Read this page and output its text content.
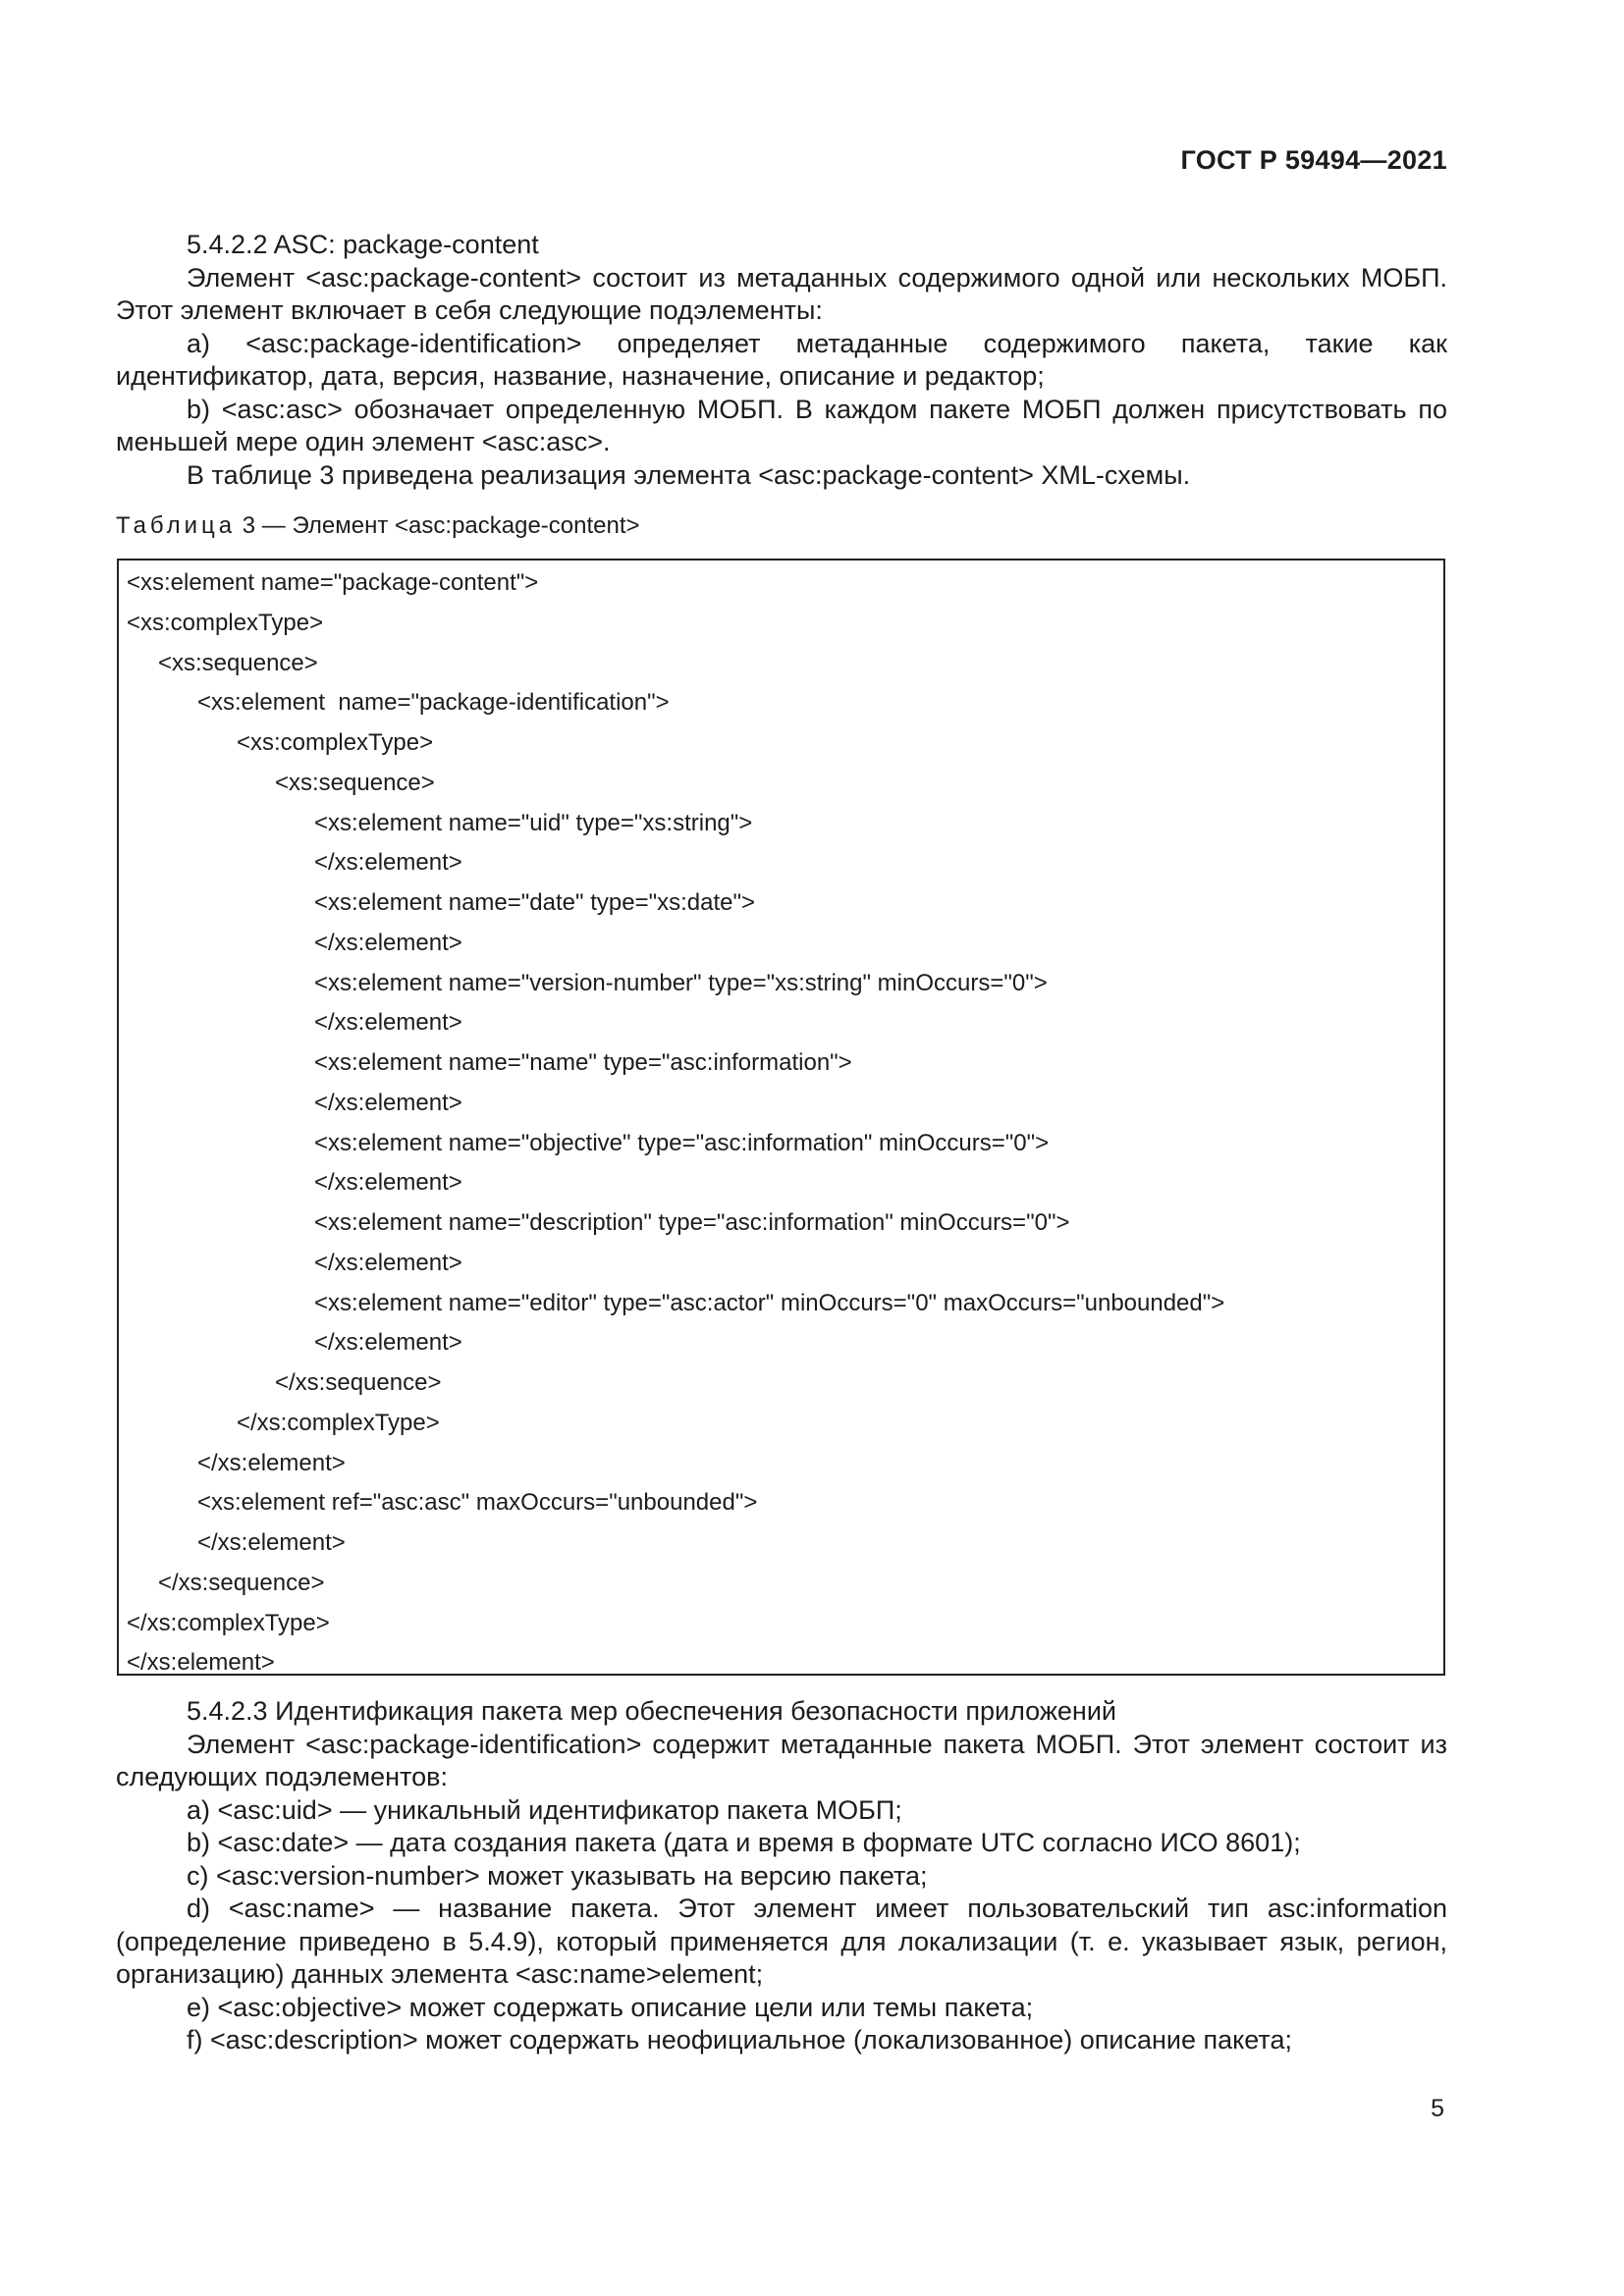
ГОСТ Р 59494—2021

5.4.2.2 ASC: package-content

Элемент <asc:package-content> состоит из метаданных содержимого одной или нескольких МОБП. Этот элемент включает в себя следующие подэлементы:

a) <asc:package-identification> определяет метаданные содержимого пакета, такие как идентификатор, дата, версия, название, назначение, описание и редактор;

b) <asc:asc> обозначает определенную МОБП. В каждом пакете МОБП должен присутствовать по меньшей мере один элемент <asc:asc>.

В таблице 3 приведена реализация элемента <asc:package-content> XML-схемы.

Таблица 3 — Элемент <asc:package-content>
<xs:element name="package-content">
<xs:complexType>
<xs:sequence>
<xs:element  name="package-identification">
<xs:complexType>
<xs:sequence>
<xs:element name="uid" type="xs:string">
</xs:element>
<xs:element name="date" type="xs:date">
</xs:element>
<xs:element name="version-number" type="xs:string" minOccurs="0">
</xs:element>
<xs:element name="name" type="asc:information">
</xs:element>
<xs:element name="objective" type="asc:information" minOccurs="0">
</xs:element>
<xs:element name="description" type="asc:information" minOccurs="0">
</xs:element>
<xs:element name="editor" type="asc:actor" minOccurs="0" maxOccurs="unbounded">
</xs:element>
</xs:sequence>
</xs:complexType>
</xs:element>
<xs:element ref="asc:asc" maxOccurs="unbounded">
</xs:element>
</xs:sequence>
</xs:complexType>
</xs:element>

5.4.2.3 Идентификация пакета мер обеспечения безопасности приложений

Элемент <asc:package-identification> содержит метаданные пакета МОБП. Этот элемент состоит из следующих подэлементов:

a) <asc:uid> — уникальный идентификатор пакета МОБП;

b) <asc:date> — дата создания пакета (дата и время в формате UTC согласно ИСО 8601);

c) <asc:version-number> может указывать на версию пакета;

d) <asc:name> — название пакета. Этот элемент имеет пользовательский тип asc:information (определение приведено в 5.4.9), который применяется для локализации (т. е. указывает язык, регион, организацию) данных элемента <asc:name>element;

e) <asc:objective> может содержать описание цели или темы пакета;

f) <asc:description> может содержать неофициальное (локализованное) описание пакета;

5
